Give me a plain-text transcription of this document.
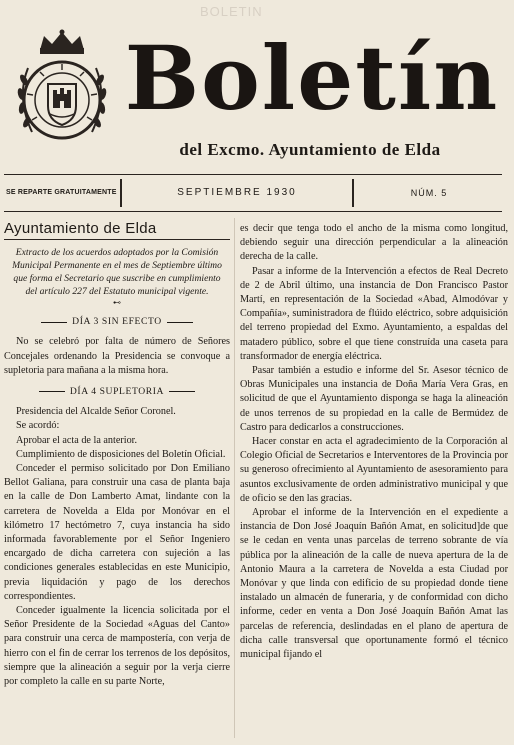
BOLETIN
Boletín
del Excmo. Ayuntamiento de Elda
SE REPARTE GRATUITAMENTE	SEPTIEMBRE 1930	NÚM. 5
Ayuntamiento de Elda
Extracto de los acuerdos adoptados por la Comisión Municipal Permanente en el mes de Septiembre último que forma el Secretario que suscribe en cumplimiento del artículo 227 del Estatuto municipal vigente.
⊷
DÍA 3 SIN EFECTO

No se celebró por falta de número de Señores Concejales ordenando la Presidencia se convoque a supletoria para mañana a la misma hora.

DÍA 4 SUPLETORIA

Presidencia del Alcalde Señor Coronel.

Se acordó:

Aprobar el acta de la anterior.

Cumplimiento de disposiciones del Boletín Oficial.

Conceder el permiso solicitado por Don Emiliano Bellot Galiana, para construir una casa de planta baja en la calle de Don Lamberto Amat, lindante con la carretera de Novelda a Elda por Monóvar en el kilómetro 17 hectómetro 7, cuya instancia ha sido informada favorablemente por el Señor Ingeniero encargado de dicha carretera con sujeción a las condiciones generales establecidas en este Municipio, previa liquidación y pago de los derechos correspondientes.

Conceder igualmente la licencia solicitada por el Señor Presidente de la Sociedad «Aguas del Canto» para construir una cerca de mampostería, con verja de hierro con el fin de cerrar los terrenos de los depósitos, siempre que la alineación a seguir por la verja cierre por completo la calle en su parte Norte,

es decir que tenga todo el ancho de la misma como longitud, debiendo seguir una dirección perpendicular a la alineación derecha de la calle.

Pasar a informe de la Intervención a efectos de Real Decreto de 2 de Abril último, una instancia de Don Francisco Pastor Martí, en representación de la Sociedad «Abad, Almodóvar y Compañía», suministradora de flúido eléctrico, sobre adquisición del terreno propiedad del Exmo. Ayuntamiento, a espaldas del matadero público, sobre el que tiene construída una caseta para transformador de energía eléctrica.

Pasar también a estudio e informe del Sr. Asesor técnico de Obras Municipales una instancia de Doña María Vera Gras, en solicitud de que el Ayuntamiento disponga se haga la alineación de unos terrenos de su propiedad en la calle de Bermúdez de Castro para dedicarlos a construcciones.

Hacer constar en acta el agradecimiento de la Corporación al Colegio Oficial de Secretarios e Interventores de la Provincia por su generoso ofrecimiento al Ayuntamiento de asesoramiento para asuntos exclusivamente de orden administrativo municipal y que de oficio se den las gracias.

Aprobar el informe de la Intervención en el expediente a instancia de Don José Joaquín Bañón Amat, en solicitud]de que se le cedan en venta unas parcelas de terreno sobrante de vía pública por la alineación de la calle de nueva apertura de la de Antonio Maura a la carretera de Novelda a esta Ciudad por Monóvar y que linda con edificio de su propiedad donde tiene instalado un almacén de funeraria, y de conformidad con dicho informe, ceder en venta a Don José Joaquín Bañón Amat las parcelas de referencia, deslindadas en el plano de apertura de dicha calle transversal que oportunamente formó el técnico municipal fijando el
